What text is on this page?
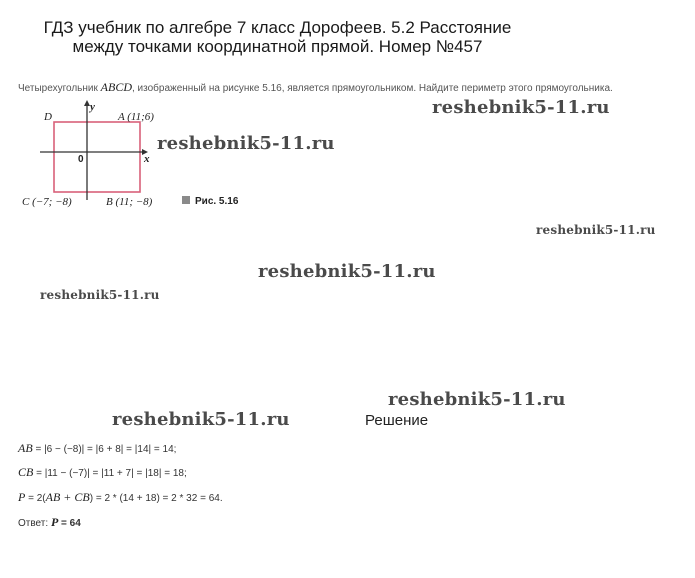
ГДЗ учебник по алгебре 7 класс Дорофеев. 5.2 Расстояние
между точками координатной прямой. Номер №457
Четырехугольник ABCD, изображенный на рисунке 5.16, является прямоугольником. Найдите периметр этого прямоугольника.
y
x
0
D	A (11;6)
C (−7; −8)	B (11; −8)	Рис. 5.16
reshebnik5-11.ru
reshebnik5-11.ru
reshebnik5-11.ru
reshebnik5-11.ru
reshebnik5-11.ru
reshebnik5-11.ru
reshebnik5-11.ru	Решение
AB = |6 − (−8)| = |6 + 8| = |14| = 14;
CB = |11 − (−7)| = |11 + 7| = |18| = 18;
P = 2(AB + CB) = 2 * (14 + 18) = 2 * 32 = 64.
Ответ: P = 64
